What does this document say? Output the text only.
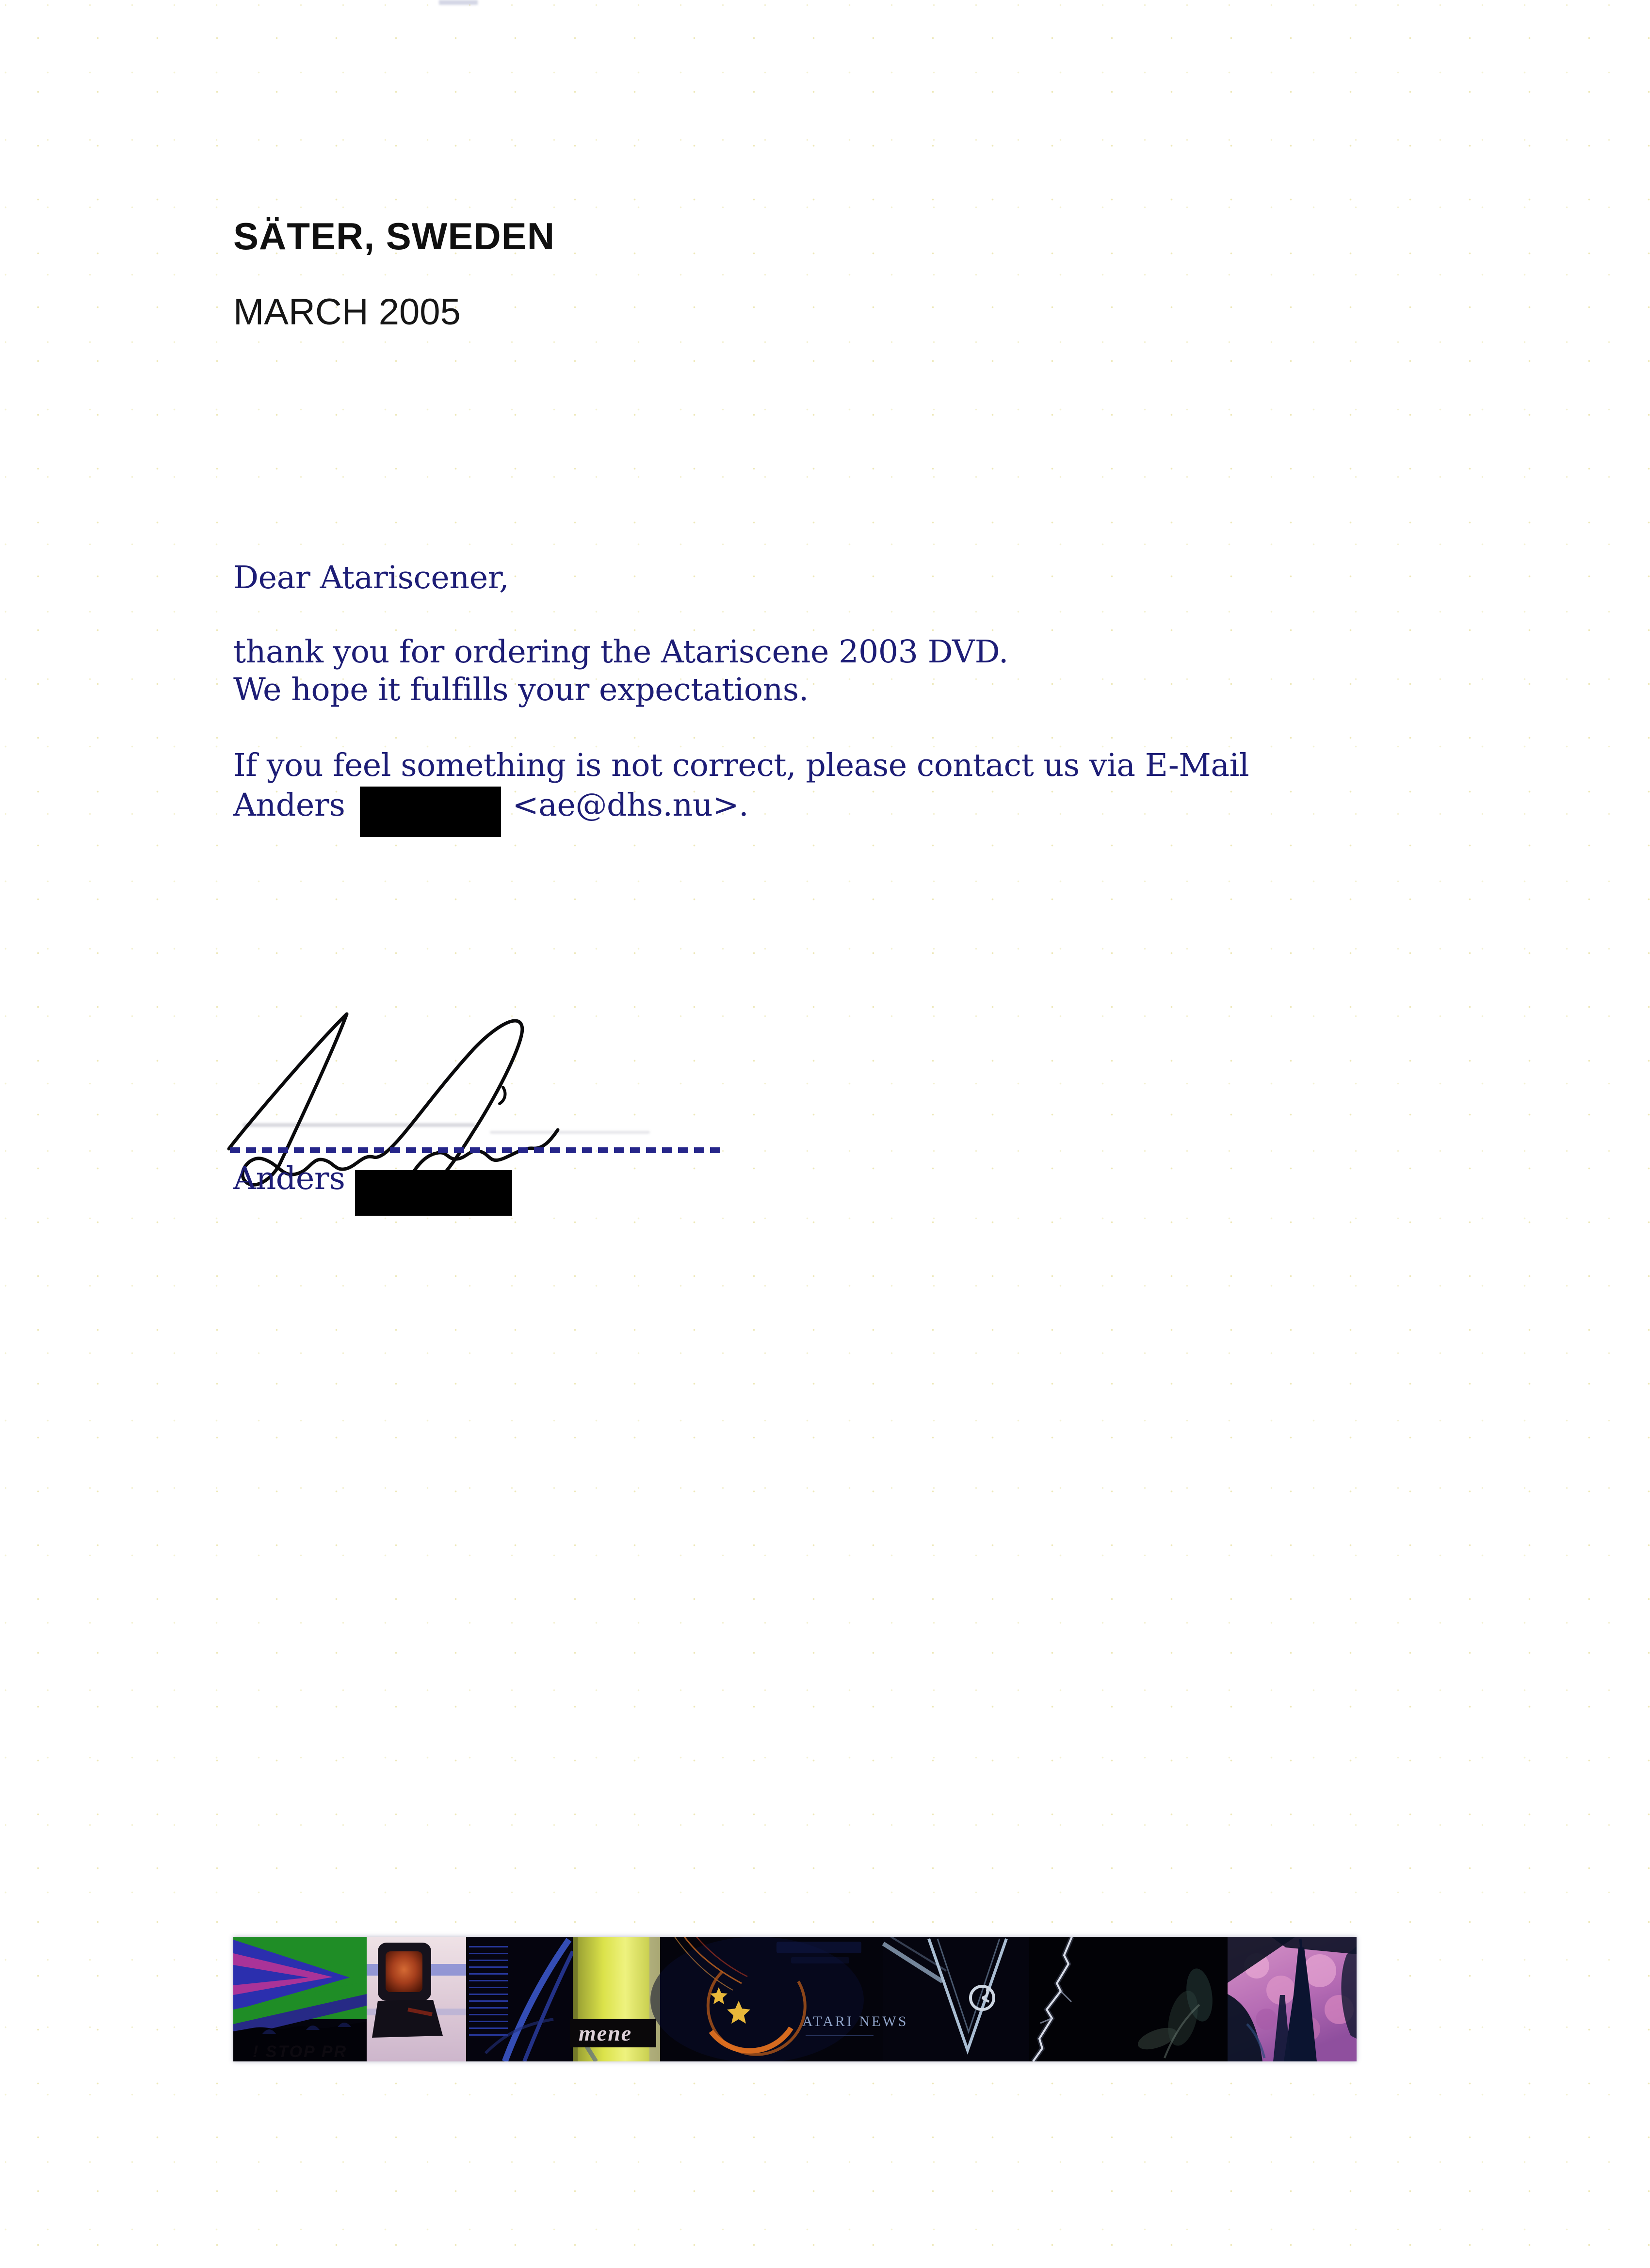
SÄTER, SWEDEN
MARCH 2005
Dear Atariscener,
thank you for ordering the Atariscene 2003 DVD.
We hope it fulfills your expectations.
If you feel something is not correct, please contact us via E-Mail
Anders	<ae@dhs.nu>.
Anders
! STOP PR
mene	ATARI NEWS
